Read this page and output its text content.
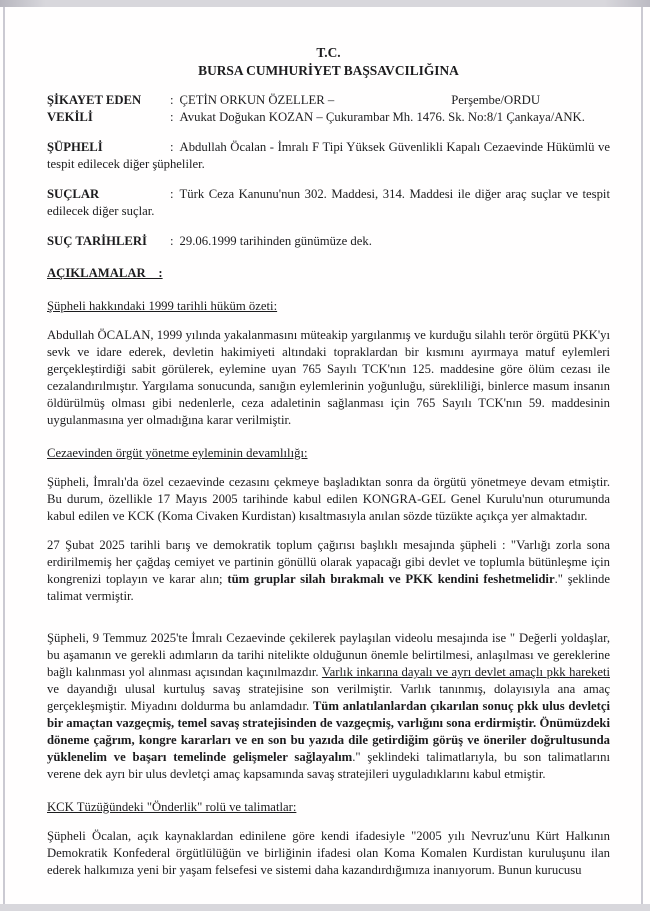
T.C.
BURSA CUMHURİYET BAŞSAVCILIĞINA
ŞİKAYET EDEN	: ÇETİN ORKUN ÖZELLER –	Perşembe/ORDU
VEKİLİ	: Avukat Doğukan KOZAN – Çukurambar Mh. 1476. Sk. No:8/1 Çankaya/ANK.

ŞÜPHELİ	: Abdullah Öcalan - İmralı F Tipi Yüksek Güvenlikli Kapalı Cezaevinde Hükümlü ve tespit edilecek diğer şüpheliler.

SUÇLAR	: Türk Ceza Kanunu'nun 302. Maddesi, 314. Maddesi ile diğer araç suçlar ve tespit edilecek diğer suçlar.

SUÇ TARİHLERİ : 29.06.1999 tarihinden günümüze dek.

AÇIKLAMALAR    :
Şüpheli hakkındaki 1999 tarihli hüküm özeti:

Abdullah ÖCALAN, 1999 yılında yakalanmasını müteakip yargılanmış ve kurduğu silahlı terör örgütü PKK'yı sevk ve idare ederek, devletin hakimiyeti altındaki topraklardan bir kısmını ayırmaya matuf eylemleri gerçekleştirdiği sabit görülerek, eylemine uyan 765 Sayılı TCK'nın 125. maddesine göre ölüm cezası ile cezalandırılmıştır. Yargılama sonucunda, sanığın eylemlerinin yoğunluğu, sürekliliği, binlerce masum insanın öldürülmüş olması gibi nedenlerle, ceza adaletinin sağlanması için 765 Sayılı TCK'nın 59. maddesinin uygulanmasına yer olmadığına karar verilmiştir.

Cezaevinden örgüt yönetme eyleminin devamlılığı:

Şüpheli, İmralı'da özel cezaevinde cezasını çekmeye başladıktan sonra da örgütü yönetmeye devam etmiştir. Bu durum, özellikle 17 Mayıs 2005 tarihinde kabul edilen KONGRA-GEL Genel Kurulu'nun oturumunda kabul edilen ve KCK (Koma Civaken Kurdistan) kısaltmasıyla anılan sözde tüzükte açıkça yer almaktadır.

27 Şubat 2025 tarihli barış ve demokratik toplum çağırısı başlıklı mesajında şüpheli : "Varlığı zorla sona erdirilmemiş her çağdaş cemiyet ve partinin gönüllü olarak yapacağı gibi devlet ve toplumla bütünleşme için kongrenizi toplayın ve karar alın; tüm gruplar silah bırakmalı ve PKK kendini feshetmelidir." şeklinde talimat vermiştir.

Şüpheli, 9 Temmuz 2025'te İmralı Cezaevinde çekilerek paylaşılan videolu mesajında ise " Değerli yoldaşlar, bu aşamanın ve gerekli adımların da tarihi nitelikte olduğunun önemle belirtilmesi, anlaşılması ve gereklerine bağlı kalınması yol alınması açısından kaçınılmazdır. Varlık inkarına dayalı ve ayrı devlet amaçlı pkk hareketi ve dayandığı ulusal kurtuluş savaş stratejisine son verilmiştir. Varlık tanınmış, dolayısıyla ana amaç gerçekleşmiştir. Miyadını doldurma bu anlamdadır. Tüm anlatılanlardan çıkarılan sonuç pkk ulus devletçi bir amaçtan vazgeçmiş, temel savaş stratejisinden de vazgeçmiş, varlığını sona erdirmiştir. Önümüzdeki döneme çağrım, kongre kararları ve en son bu yazıda dile getirdiğim görüş ve öneriler doğrultusunda yüklenelim ve başarı temelinde gelişmeler sağlayalım." şeklindeki talimatlarıyla, bu son talimatlarını verene dek ayrı bir ulus devletçi amaç kapsamında savaş stratejileri uyguladıklarını kabul etmiştir.

KCK Tüzüğündeki "Önderlik" rolü ve talimatlar:

Şüpheli Öcalan, açık kaynaklardan edinilene göre kendi ifadesiyle "2005 yılı Nevruz'unu Kürt Halkının Demokratik Konfederal örgütlülüğün ve birliğinin ifadesi olan Koma Komalen Kurdistan kuruluşunu ilan ederek halkımıza yeni bir yaşam felsefesi ve sistemi daha kazandırdığımıza inanıyorum. Bunun kurucusu
